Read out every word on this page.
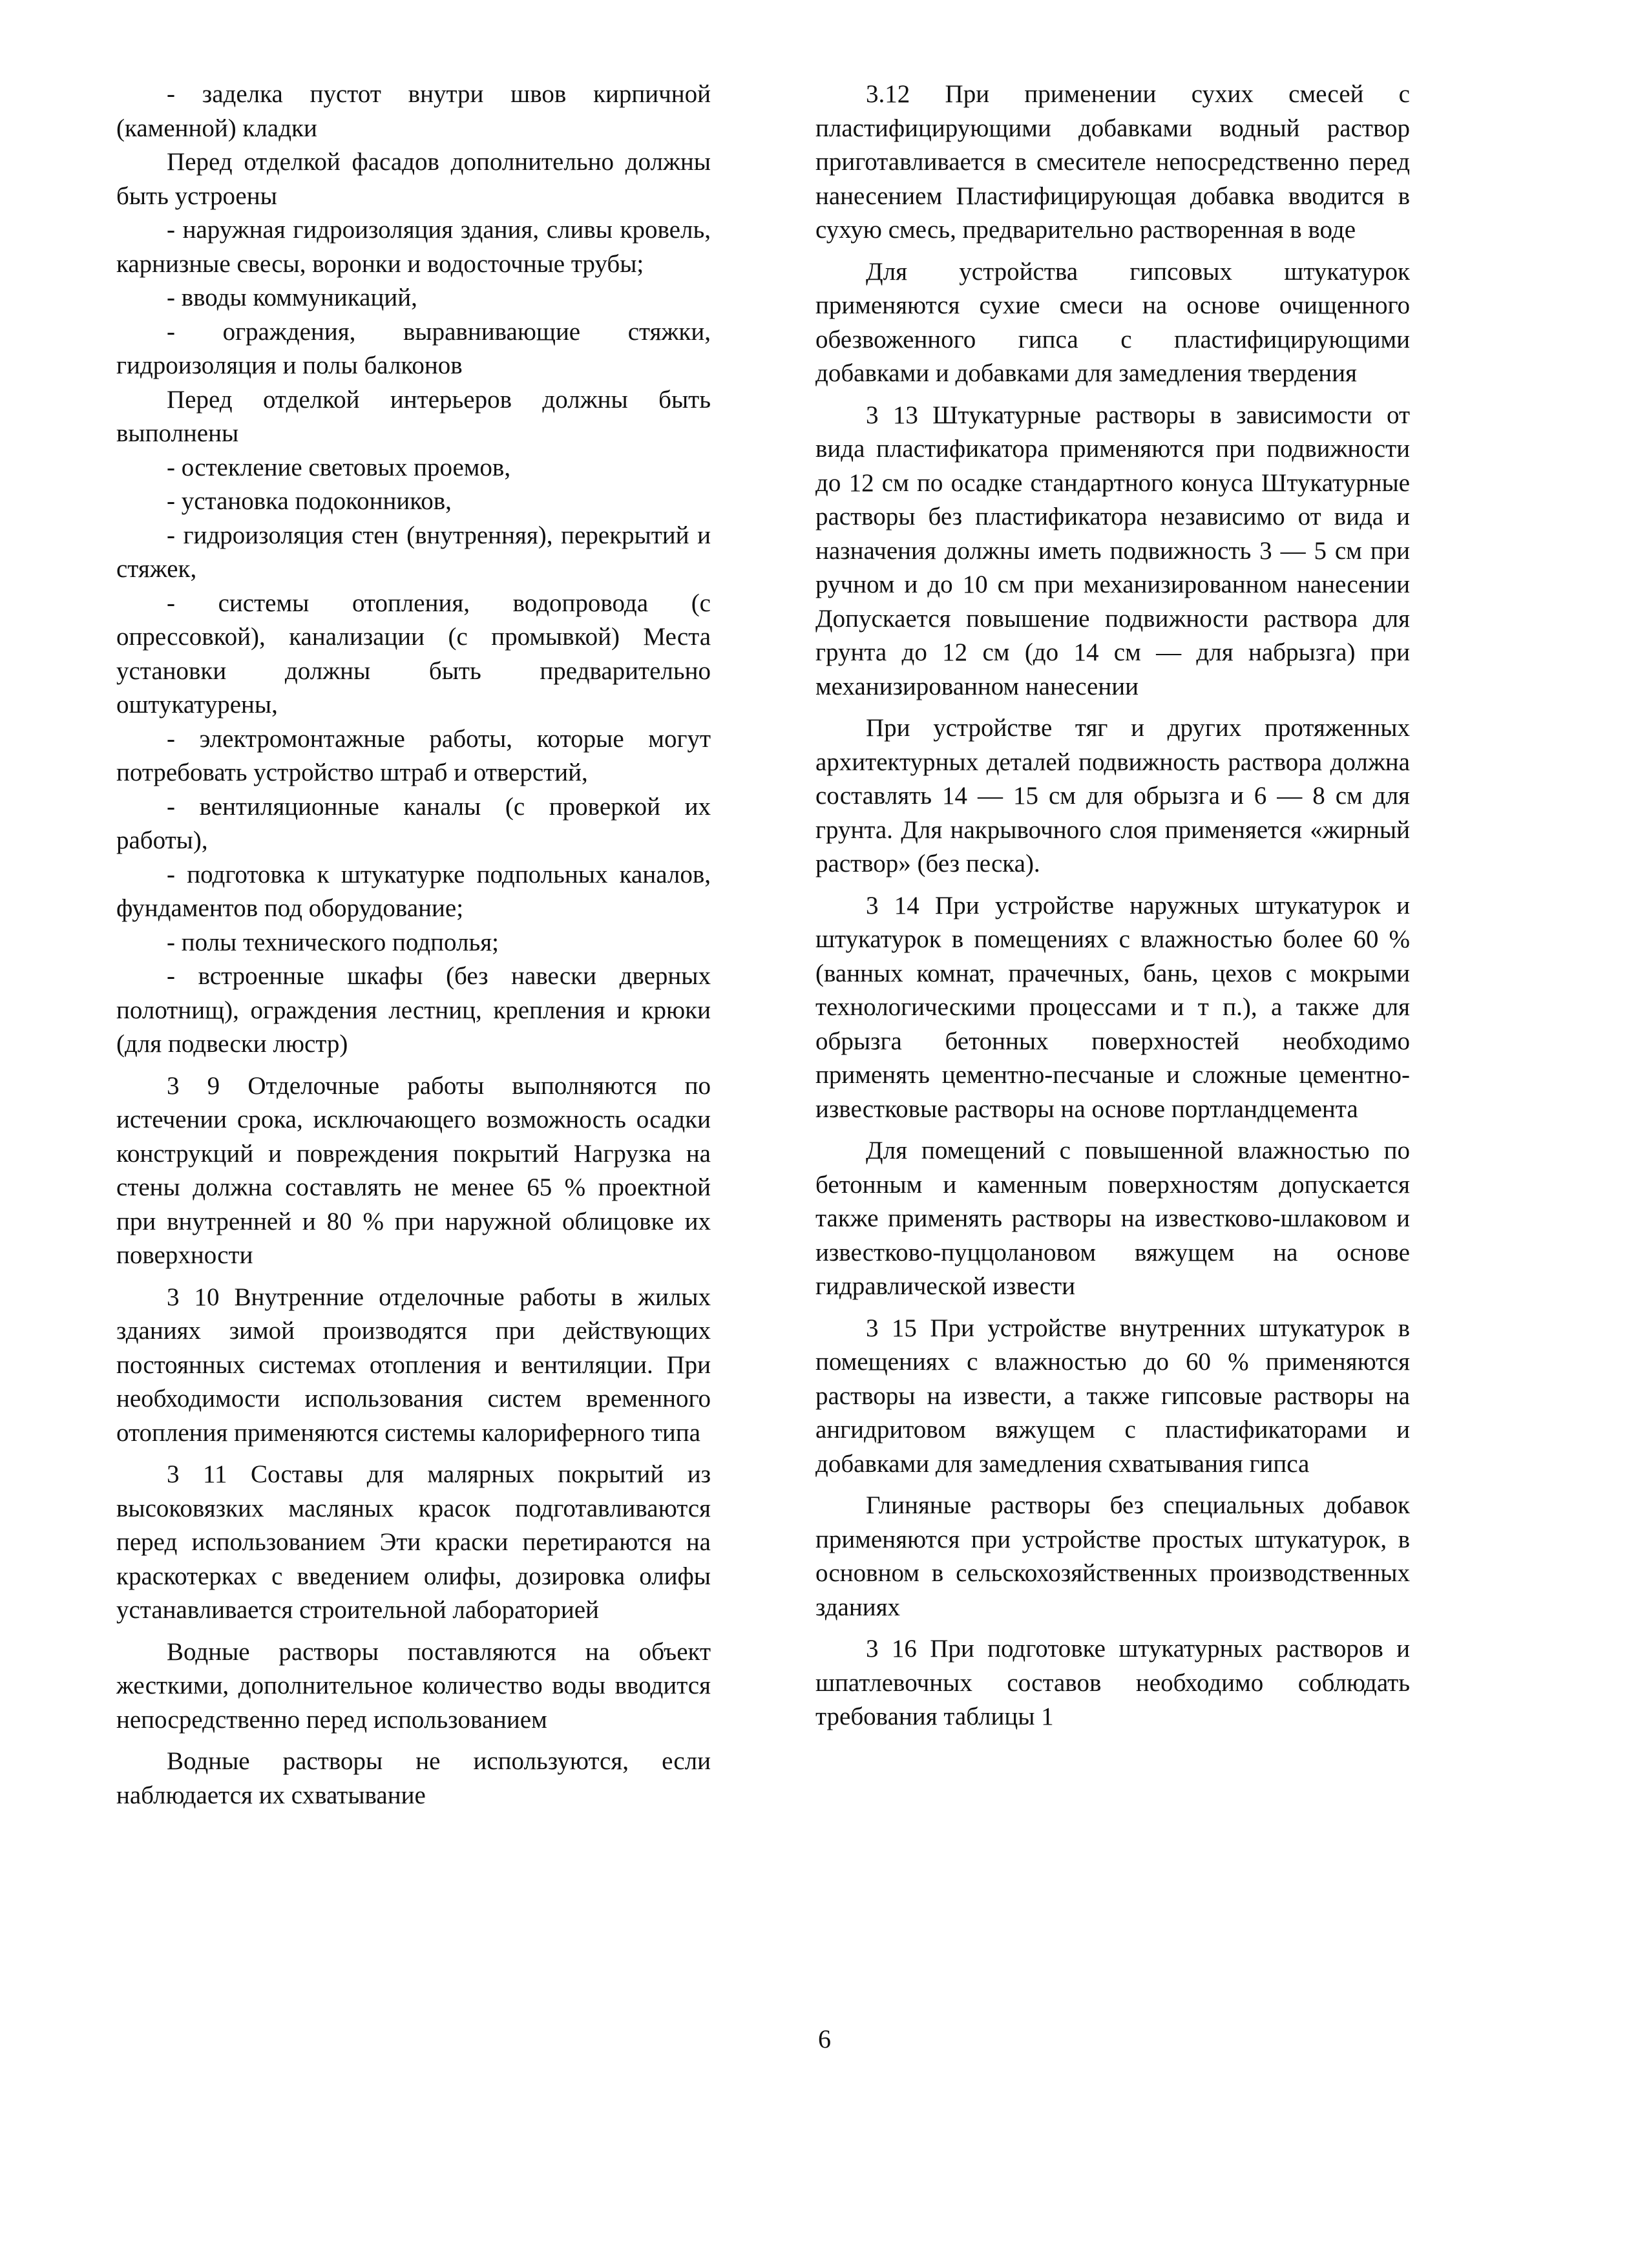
- заделка пустот внутри швов кирпичной (каменной) кладки

Перед отделкой фасадов дополнительно должны быть устроены

- наружная гидроизоляция здания, сливы кровель, карнизные свесы, воронки и водосточные трубы;

- вводы коммуникаций,

- ограждения, выравнивающие стяжки, гидроизоляция и полы балконов

Перед отделкой интерьеров должны быть выполнены

- остекление световых проемов,

- установка подоконников,

- гидроизоляция стен (внутренняя), перекрытий и стяжек,

- системы отопления, водопровода (с опрессовкой), канализации (с промывкой) Места установки должны быть предварительно оштукатурены,

- электромонтажные работы, которые могут потребовать устройство штраб и отверстий,

- вентиляционные каналы (с проверкой их работы),

- подготовка к штукатурке подпольных каналов, фундаментов под оборудование;

- полы технического подполья;

- встроенные шкафы (без навески дверных полотнищ), ограждения лестниц, крепления и крюки (для подвески люстр)

3 9 Отделочные работы выполняются по истечении срока, исключающего возможность осадки конструкций и повреждения покрытий Нагрузка на стены должна составлять не менее 65 % проектной при внутренней и 80 % при наружной облицовке их поверхности

3 10 Внутренние отделочные работы в жилых зданиях зимой производятся при действующих постоянных системах отопления и вентиляции. При необходимости использования систем временного отопления применяются системы калориферного типа

3 11 Составы для малярных покрытий из высоковязких масляных красок подготавливаются перед использованием Эти краски перетираются на краскотерках с введением олифы, дозировка олифы устанавливается строительной лабораторией

Водные растворы поставляются на объект жесткими, дополнительное количество воды вводится непосредственно перед использованием

Водные растворы не используются, если наблюдается их схватывание

3.12 При применении сухих смесей с пластифицирующими добавками водный раствор приготавливается в смесителе непосредственно перед нанесением Пластифицирующая добавка вводится в сухую смесь, предварительно растворенная в воде

Для устройства гипсовых штукатурок применяются сухие смеси на основе очищенного обезвоженного гипса с пластифицирующими добавками и добавками для замедления твердения

3 13 Штукатурные растворы в зависимости от вида пластификатора применяются при подвижности до 12 см по осадке стандартного конуса Штукатурные растворы без пластификатора независимо от вида и назначения должны иметь подвижность 3 — 5 см при ручном и до 10 см при механизированном нанесении Допускается повышение подвижности раствора для грунта до 12 см (до 14 см — для набрызга) при механизированном нанесении

При устройстве тяг и других протяженных архитектурных деталей подвижность раствора должна составлять 14 — 15 см для обрызга и 6 — 8 см для грунта. Для накрывочного слоя применяется «жирный раствор» (без песка).

3 14 При устройстве наружных штукатурок и штукатурок в помещениях с влажностью более 60 % (ванных комнат, прачечных, бань, цехов с мокрыми технологическими процессами и т п.), а также для обрызга бетонных поверхностей необходимо применять цементно-песчаные и сложные цементно-известковые растворы на основе портландцемента

Для помещений с повышенной влажностью по бетонным и каменным поверхностям допускается также применять растворы на известково-шлаковом и известково-пуццолановом вяжущем на основе гидравлической извести

3 15 При устройстве внутренних штукатурок в помещениях с влажностью до 60 % применяются растворы на извести, а также гипсовые растворы на ангидритовом вяжущем с пластификаторами и добавками для замедления схватывания гипса

Глиняные растворы без специальных добавок применяются при устройстве простых штукатурок, в основном в сельскохозяйственных производственных зданиях

3 16 При подготовке штукатурных растворов и шпатлевочных составов необходимо соблюдать требования таблицы 1

6
